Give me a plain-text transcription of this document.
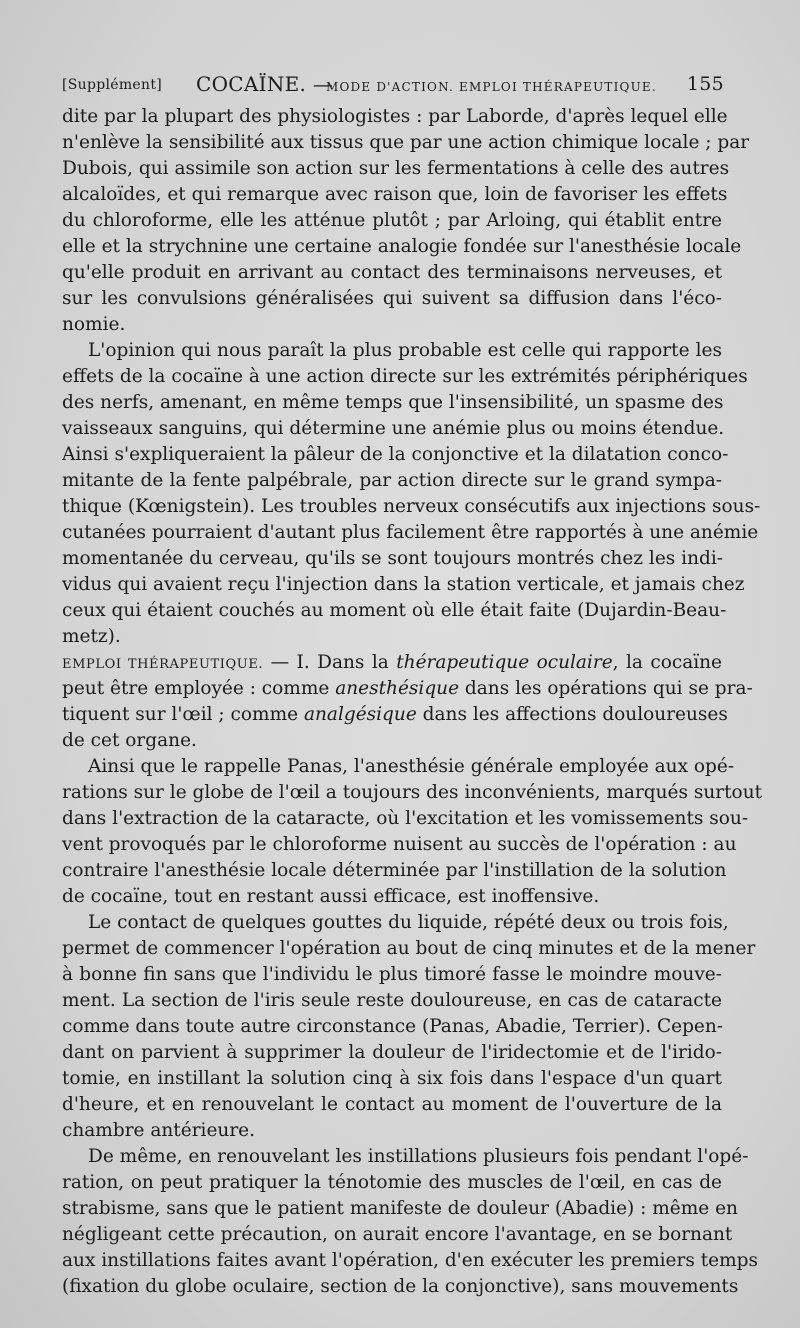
[Supplément] COCAÏNE. —
MODE D'ACTION. EMPLOI THÉRAPEUTIQUE. 155
dite par la plupart des physiologistes : par Laborde, d'après lequel elle
n'enlève la sensibilité aux tissus que par une action chimique locale ; par
Dubois, qui assimile son action sur les fermentations à celle des autres
alcaloïdes, et qui remarque avec raison que, loin de favoriser les effets
du chloroforme, elle les atténue plutôt ; par Arloing, qui établit entre
elle et la strychnine une certaine analogie fondée sur l'anesthésie locale
qu'elle produit en arrivant au contact des terminaisons nerveuses, et
sur les convulsions généralisées qui suivent sa diffusion dans l'éco-
nomie.
L'opinion qui nous paraît la plus probable est celle qui rapporte les
effets de la cocaïne à une action directe sur les extrémités périphériques
des nerfs, amenant, en même temps que l'insensibilité, un spasme des
vaisseaux sanguins, qui détermine une anémie plus ou moins étendue.
Ainsi s'expliqueraient la pâleur de la conjonctive et la dilatation conco-
mitante de la fente palpébrale, par action directe sur le grand sympa-
thique (Kœnigstein). Les troubles nerveux consécutifs aux injections sous-
cutanées pourraient d'autant plus facilement être rapportés à une anémie
momentanée du cerveau, qu'ils se sont toujours montrés chez les indi-
vidus qui avaient reçu l'injection dans la station verticale, et jamais chez
ceux qui étaient couchés au moment où elle était faite (Dujardin-Beau-
metz).
EMPLOI THÉRAPEUTIQUE. — I. Dans la thérapeutique oculaire, la cocaïne
peut être employée : comme anesthésique dans les opérations qui se pra-
tiquent sur l'œil ; comme analgésique dans les affections douloureuses
de cet organe.
Ainsi que le rappelle Panas, l'anesthésie générale employée aux opé-
rations sur le globe de l'œil a toujours des inconvénients, marqués surtout
dans l'extraction de la cataracte, où l'excitation et les vomissements sou-
vent provoqués par le chloroforme nuisent au succès de l'opération : au
contraire l'anesthésie locale déterminée par l'instillation de la solution
de cocaïne, tout en restant aussi efficace, est inoffensive.
Le contact de quelques gouttes du liquide, répété deux ou trois fois,
permet de commencer l'opération au bout de cinq minutes et de la mener
à bonne fin sans que l'individu le plus timoré fasse le moindre mouve-
ment. La section de l'iris seule reste douloureuse, en cas de cataracte
comme dans toute autre circonstance (Panas, Abadie, Terrier). Cepen-
dant on parvient à supprimer la douleur de l'iridectomie et de l'irido-
tomie, en instillant la solution cinq à six fois dans l'espace d'un quart
d'heure, et en renouvelant le contact au moment de l'ouverture de la
chambre antérieure.
De même, en renouvelant les instillations plusieurs fois pendant l'opé-
ration, on peut pratiquer la ténotomie des muscles de l'œil, en cas de
strabisme, sans que le patient manifeste de douleur (Abadie) : même en
négligeant cette précaution, on aurait encore l'avantage, en se bornant
aux instillations faites avant l'opération, d'en exécuter les premiers temps
(fixation du globe oculaire, section de la conjonctive), sans mouvements
